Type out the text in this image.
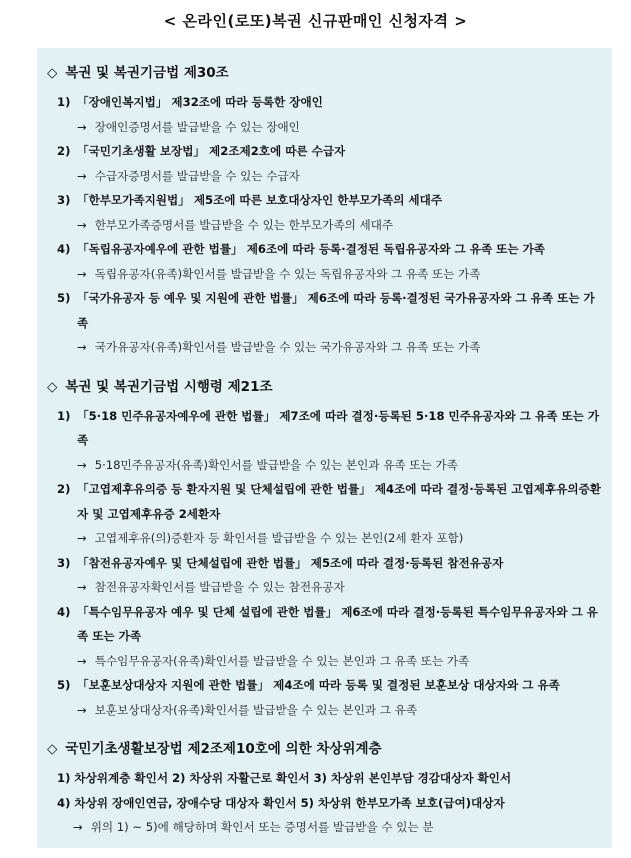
< 온라인(로또)복권 신규판매인 신청자격 >
◇ 복권 및 복권기금법 제30조
1) 「장애인복지법」 제32조에 따라 등록한 장애인
→ 장애인증명서를 발급받을 수 있는 장애인
2) 「국민기초생활 보장법」 제2조제2호에 따른 수급자
→ 수급자증명서를 발급받을 수 있는 수급자
3) 「한부모가족지원법」 제5조에 따른 보호대상자인 한부모가족의 세대주
→ 한부모가족증명서를 발급받을 수 있는 한부모가족의 세대주
4) 「독립유공자예우에 관한 법률」 제6조에 따라 등록·결정된 독립유공자와 그 유족 또는 가족
→ 독립유공자(유족)확인서를 발급받을 수 있는 독립유공자와 그 유족 또는 가족
5) 「국가유공자 등 예우 및 지원에 관한 법률」 제6조에 따라 등록·결정된 국가유공자와 그 유족 또는 가족
→ 국가유공자(유족)확인서를 발급받을 수 있는 국가유공자와 그 유족 또는 가족
◇ 복권 및 복권기금법 시행령 제21조
1) 「5·18 민주유공자예우에 관한 법률」 제7조에 따라 결정·등록된 5·18 민주유공자와 그 유족 또는 가족
→ 5·18민주유공자(유족)확인서를 발급받을 수 있는 본인과 유족 또는 가족
2) 「고엽제후유의증 등 환자지원 및 단체설립에 관한 법률」 제4조에 따라 결정·등록된 고엽제후유의증환자 및 고엽제후유증 2세환자
→ 고엽제후유(의)증환자 등 확인서를 발급받을 수 있는 본인(2세 환자 포함)
3) 「참전유공자예우 및 단체설립에 관한 법률」 제5조에 따라 결정·등록된 참전유공자
→ 참전유공자확인서를 발급받을 수 있는 참전유공자
4) 「특수임무유공자 예우 및 단체 설립에 관한 법률」 제6조에 따라 결정·등록된 특수임무유공자와 그 유족 또는 가족
→ 특수임무유공자(유족)확인서를 발급받을 수 있는 본인과 그 유족 또는 가족
5) 「보훈보상대상자 지원에 관한 법률」 제4조에 따라 등록 및 결정된 보훈보상 대상자와 그 유족
→ 보훈보상대상자(유족)확인서를 발급받을 수 있는 본인과 그 유족
◇ 국민기초생활보장법 제2조제10호에 의한 차상위계층
1) 차상위계층 확인서 2) 차상위 자활근로 확인서 3) 차상위 본인부담 경감대상자 확인서
4) 차상위 장애인연금, 장애수당 대상자 확인서 5) 차상위 한부모가족 보호(급여)대상자
→ 위의 1) ~ 5)에 해당하며 확인서 또는 증명서를 발급받을 수 있는 분
